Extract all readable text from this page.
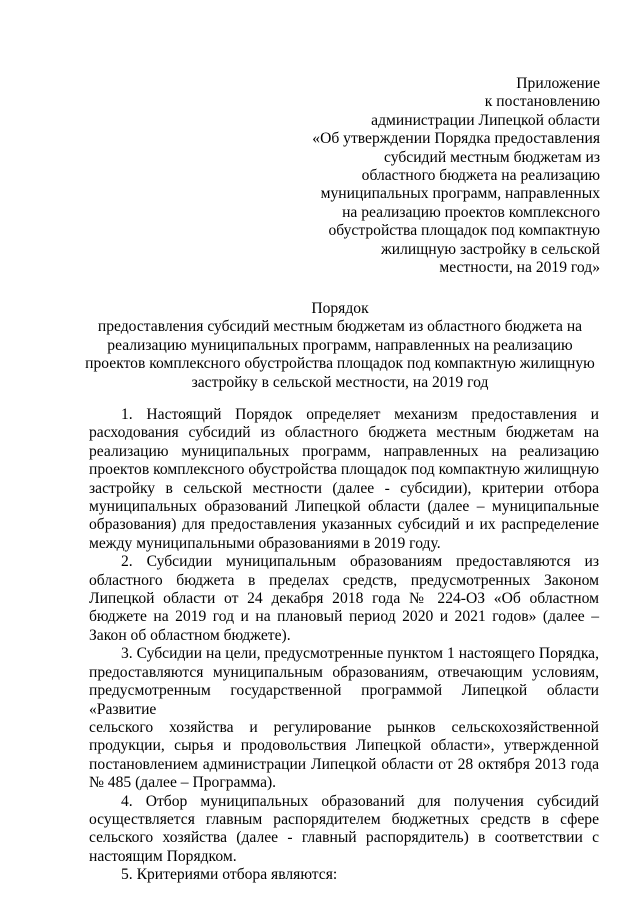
Приложение
к постановлению
администрации Липецкой области
«Об утверждении Порядка предоставления
субсидий местным бюджетам из
областного бюджета на реализацию
муниципальных программ, направленных
на реализацию проектов комплексного
обустройства площадок под компактную
жилищную застройку в сельской
местности, на 2019 год»
Порядок
предоставления субсидий местным бюджетам из областного бюджета на
реализацию муниципальных программ, направленных на реализацию
проектов комплексного обустройства площадок под компактную жилищную
застройку в сельской местности, на 2019 год
1. Настоящий Порядок определяет механизм предоставления и
расходования субсидий из областного бюджета местным бюджетам на
реализацию муниципальных программ, направленных на реализацию
проектов комплексного обустройства площадок под компактную жилищную
застройку в сельской местности (далее - субсидии), критерии отбора
муниципальных образований Липецкой области (далее – муниципальные
образования) для предоставления указанных субсидий и их распределение
между муниципальными образованиями в 2019 году.
2. Субсидии муниципальным образованиям предоставляются из
областного бюджета в пределах средств, предусмотренных Законом
Липецкой области от 24 декабря 2018 года № 224-ОЗ «Об областном
бюджете на 2019 год и на плановый период 2020 и 2021 годов» (далее –
Закон об областном бюджете).
3. Субсидии на цели, предусмотренные пунктом 1 настоящего Порядка,
предоставляются муниципальным образованиям, отвечающим условиям,
предусмотренным государственной программой Липецкой области «Развитие
сельского хозяйства и регулирование рынков сельскохозяйственной
продукции, сырья и продовольствия Липецкой области», утвержденной
постановлением администрации Липецкой области от 28 октября 2013 года
№ 485 (далее – Программа).
4. Отбор муниципальных образований для получения субсидий
осуществляется главным распорядителем бюджетных средств в сфере
сельского хозяйства (далее - главный распорядитель) в соответствии с
настоящим Порядком.
5. Критериями отбора являются:
